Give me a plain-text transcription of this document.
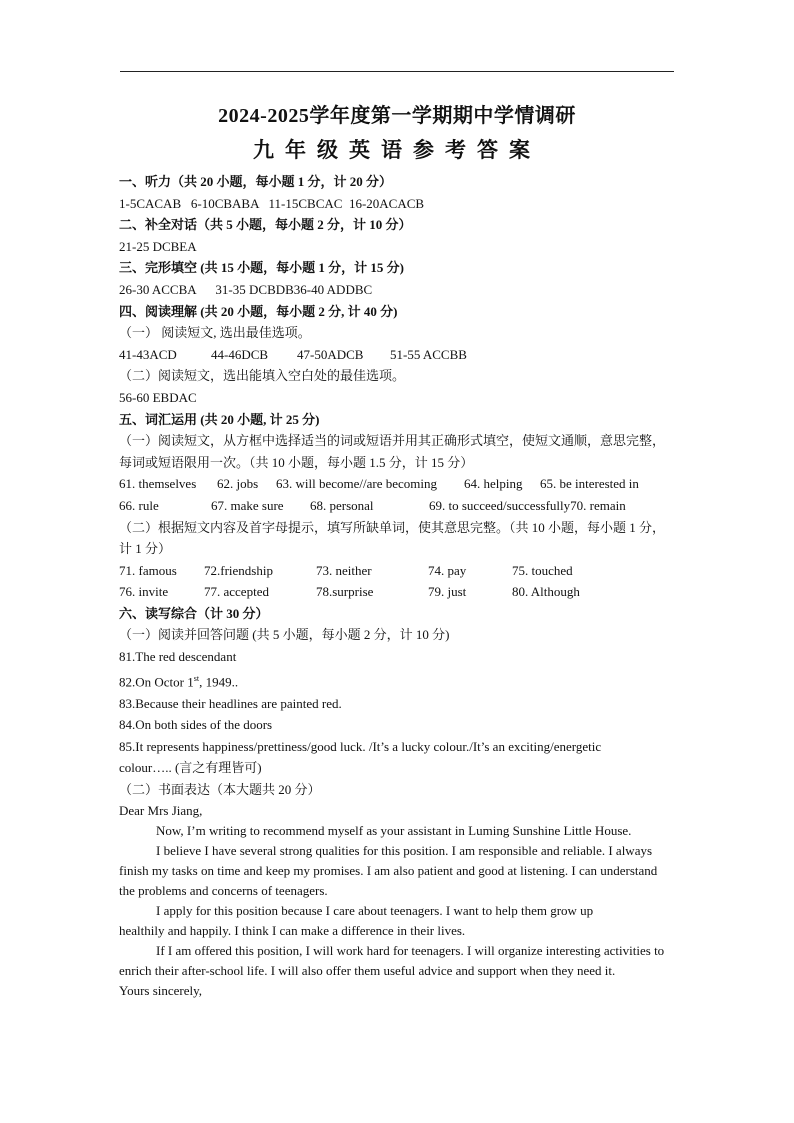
2024-2025学年度第一学期期中学情调研
九年级英语参考答案
一、听力（共 20 小题，每小题 1 分，计 20 分）
1-5CACAB   6-10CBABA   11-15CBCAC  16-20ACACB
二、补全对话（共 5 小题，每小题 2 分，计 10 分）
21-25 DCBEA
三、完形填空 (共 15 小题，每小题 1 分，计 15 分)
26-30 ACCBA      31-35 DCBDB36-40 ADDBC
四、阅读理解 (共 20 小题，每小题 2 分, 计 40 分)
（一） 阅读短文, 选出最佳选项。
41-43ACD	44-46DCB	47-50ADCB	51-55 ACCBB
（二）阅读短文，选出能填入空白处的最佳选项。
56-60 EBDAC
五、词汇运用 (共 20 小题, 计 25 分)
（一）阅读短文，从方框中选择适当的词或短语并用其正确形式填空，使短文通顺，意思完整，每词或短语限用一次。（共 10 小题，每小题 1.5 分，计 15 分）
61. themselves	62. jobs	63. will become//are becoming	64. helping	65. be interested in
66. rule	67. make sure	68. personal	69. to succeed/successfully70. remain
（二）根据短文内容及首字母提示，填写所缺单词，使其意思完整。（共 10 小题，每小题 1 分，计 1 分）
71. famous	72.friendship	73. neither	74. pay	75. touched
76. invite	77. accepted	78.surprise	79. just	80. Although
六、读写综合（计 30 分）
（一）阅读并回答问题 (共 5 小题，每小题 2 分，计 10 分)
81.The red descendant
82.On Octor 1st, 1949..
83.Because their headlines are painted red.
84.On both sides of the doors
85.It represents happiness/prettiness/good luck. /It’s a lucky colour./It’s an exciting/energetic colour….. (言之有理皆可)
（二）书面表达（本大题共 20 分）
Dear Mrs Jiang,
Now, I’m writing to recommend myself as your assistant in Luming Sunshine Little House.
I believe I have several strong qualities for this position. I am responsible and reliable. I always finish my tasks on time and keep my promises. I am also patient and good at listening. I can understand the problems and concerns of teenagers.
I apply for this position because I care about teenagers. I want to help them grow up healthily and happily. I think I can make a difference in their lives.
If I am offered this position, I will work hard for teenagers. I will organize interesting activities to enrich their after-school life. I will also offer them useful advice and support when they need it.
Yours sincerely,
